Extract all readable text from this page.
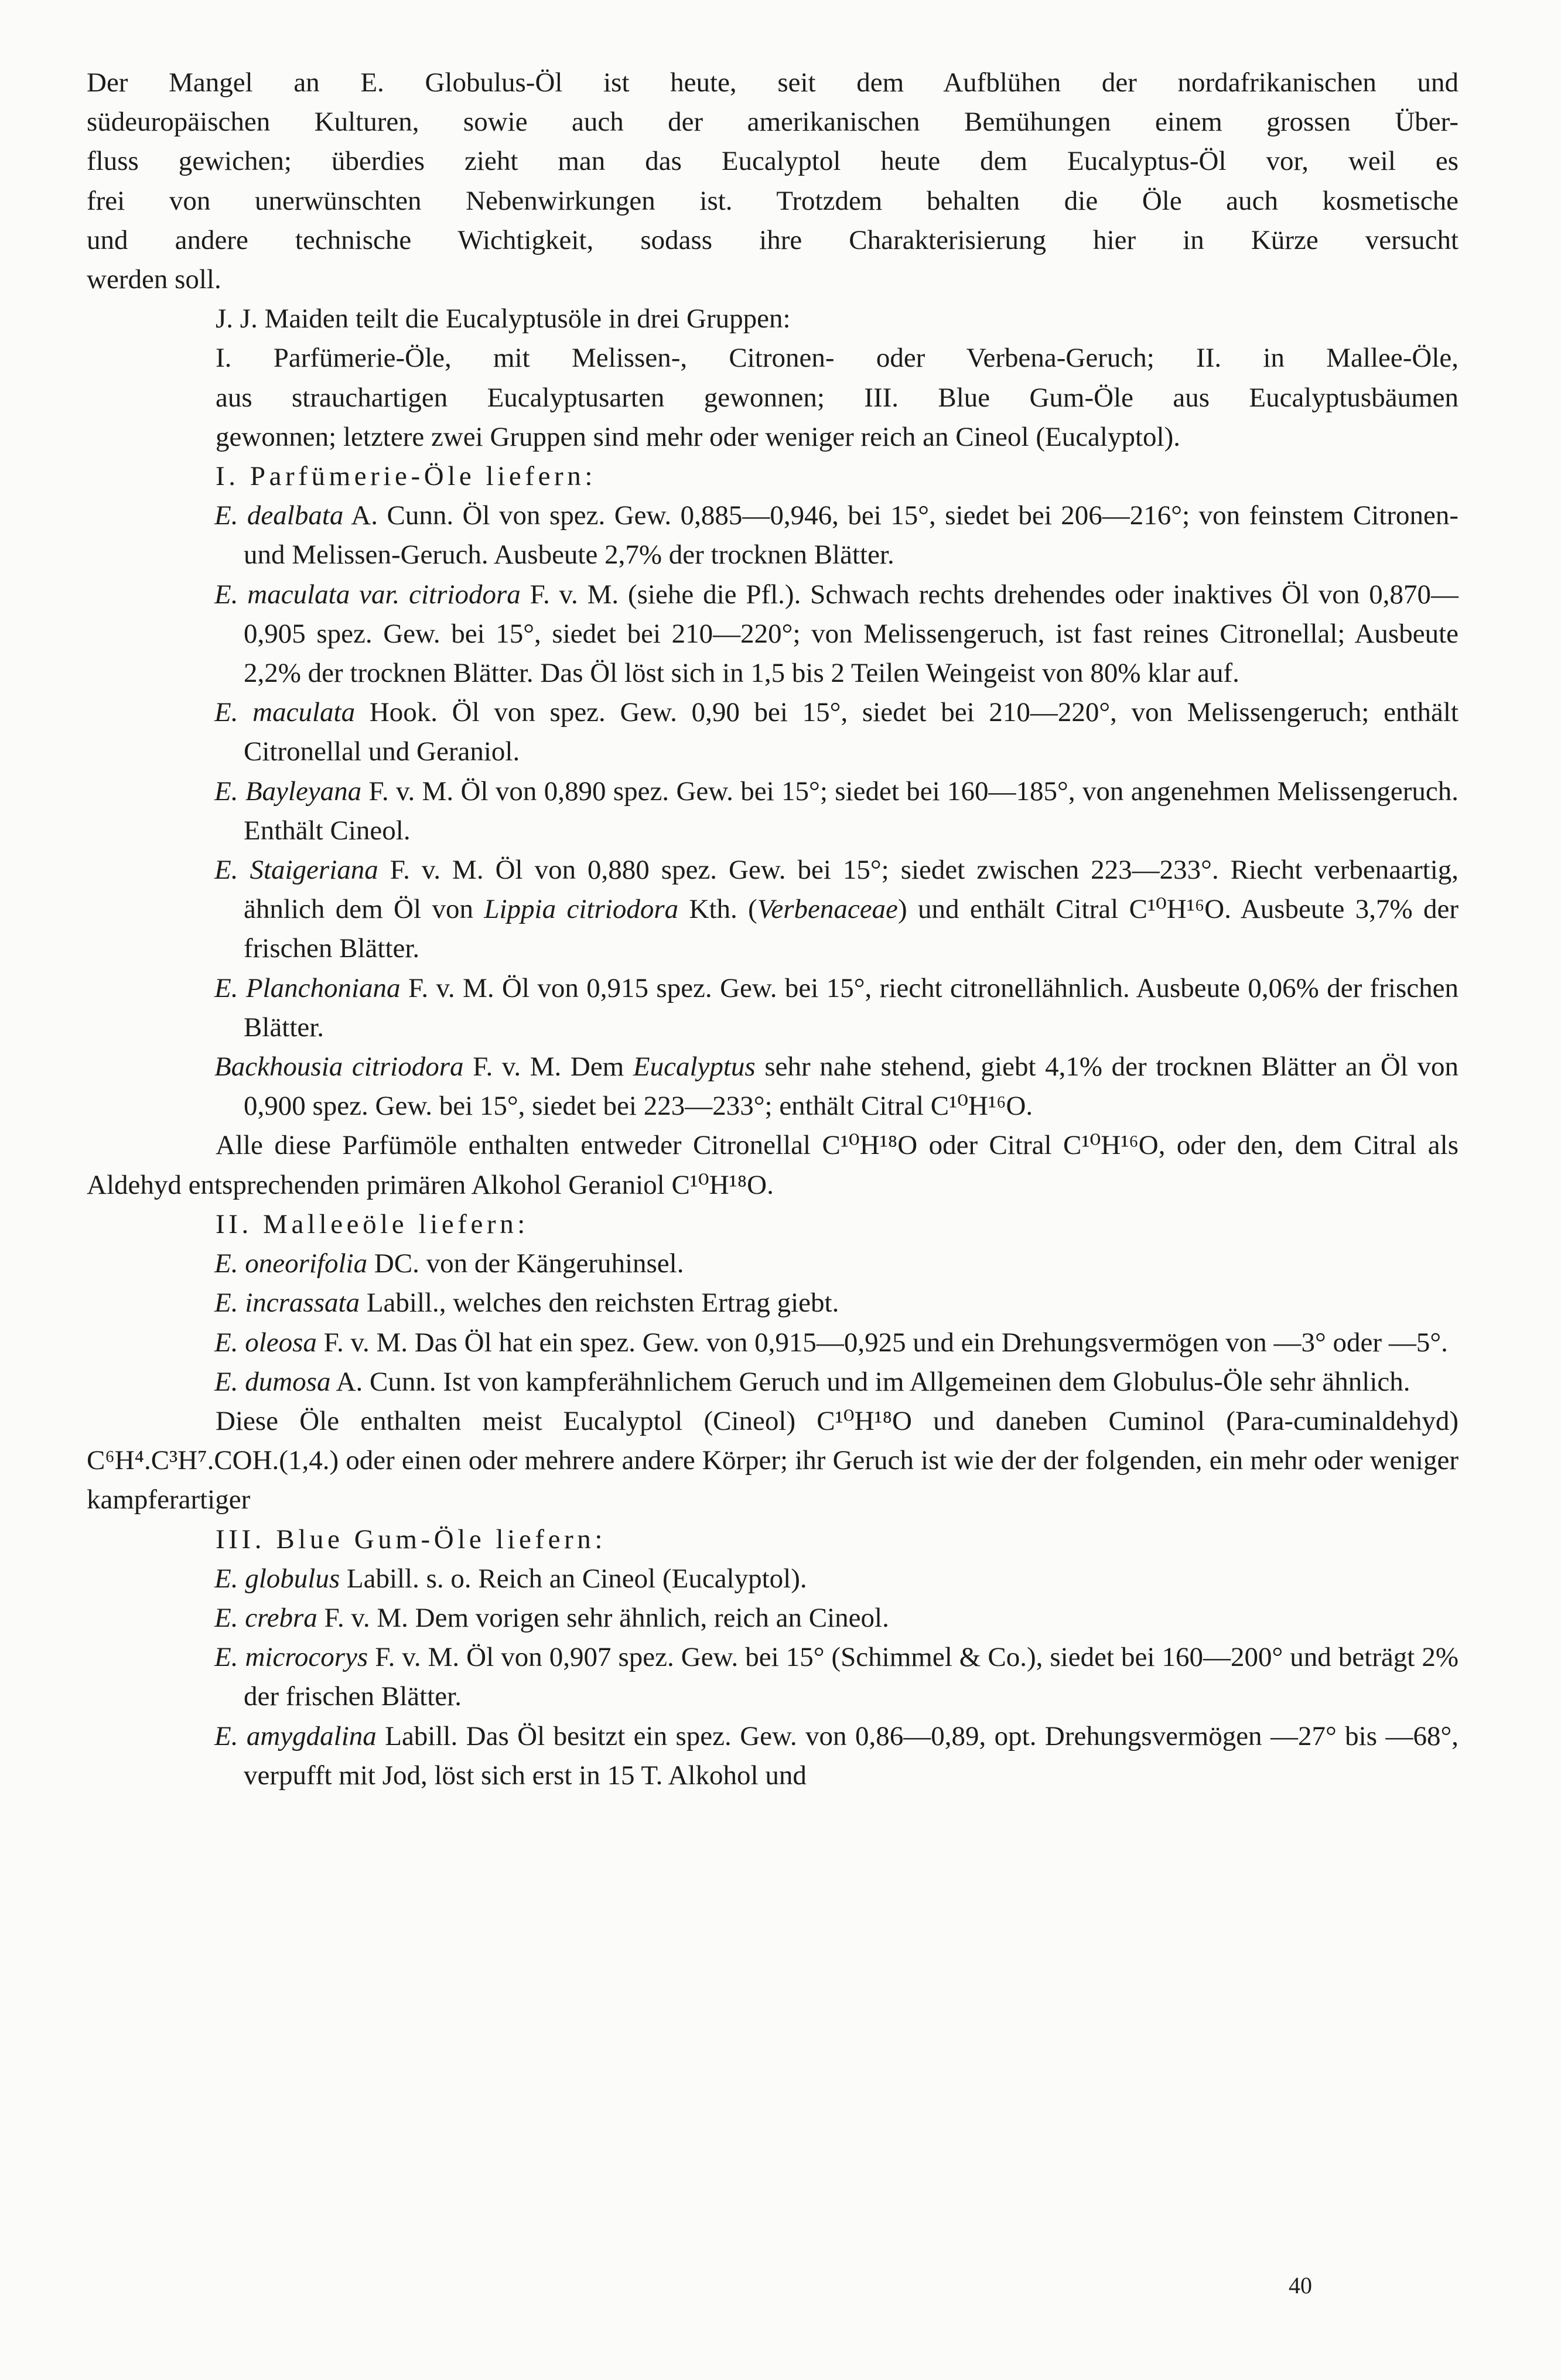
Der Mangel an E. Globulus-Öl ist heute, seit dem Aufblühen der nordafrikanischen und
südeuropäischen Kulturen, sowie auch der amerikanischen Bemühungen einem grossen Über-
fluss gewichen; überdies zieht man das Eucalyptol heute dem Eucalyptus-Öl vor, weil es
frei von unerwünschten Nebenwirkungen ist. Trotzdem behalten die Öle auch kosmetische
und andere technische Wichtigkeit, sodass ihre Charakterisierung hier in Kürze versucht
werden soll.

J. J. Maiden teilt die Eucalyptusöle in drei Gruppen:

I. Parfümerie-Öle, mit Melissen-, Citronen- oder Verbena-Geruch; II. in Mallee-Öle,
aus strauchartigen Eucalyptusarten gewonnen; III. Blue Gum-Öle aus Eucalyptusbäumen
gewonnen; letztere zwei Gruppen sind mehr oder weniger reich an Cineol (Eucalyptol).

I. Parfümerie-Öle liefern:

E. dealbata A. Cunn. Öl von spez. Gew. 0,885—0,946, bei 15°, siedet bei 206—216°; von feinstem Citronen- und Melissen-Geruch. Ausbeute 2,7% der trocknen Blätter.

E. maculata var. citriodora F. v. M. (siehe die Pfl.). Schwach rechts drehendes oder inaktives Öl von 0,870—0,905 spez. Gew. bei 15°, siedet bei 210—220°; von Melissengeruch, ist fast reines Citronellal; Ausbeute 2,2% der trocknen Blätter. Das Öl löst sich in 1,5 bis 2 Teilen Weingeist von 80% klar auf.

E. maculata Hook. Öl von spez. Gew. 0,90 bei 15°, siedet bei 210—220°, von Melissengeruch; enthält Citronellal und Geraniol.

E. Bayleyana F. v. M. Öl von 0,890 spez. Gew. bei 15°; siedet bei 160—185°, von angenehmen Melissengeruch. Enthält Cineol.

E. Staigeriana F. v. M. Öl von 0,880 spez. Gew. bei 15°; siedet zwischen 223—233°. Riecht verbenaartig, ähnlich dem Öl von Lippia citriodora Kth. (Verbenaceae) und enthält Citral C¹⁰H¹⁶O. Ausbeute 3,7% der frischen Blätter.

E. Planchoniana F. v. M. Öl von 0,915 spez. Gew. bei 15°, riecht citronellähnlich. Ausbeute 0,06% der frischen Blätter.

Backhousia citriodora F. v. M. Dem Eucalyptus sehr nahe stehend, giebt 4,1% der trocknen Blätter an Öl von 0,900 spez. Gew. bei 15°, siedet bei 223—233°; enthält Citral C¹⁰H¹⁶O.

Alle diese Parfümöle enthalten entweder Citronellal C¹⁰H¹⁸O oder Citral C¹⁰H¹⁶O, oder den, dem Citral als Aldehyd entsprechenden primären Alkohol Geraniol C¹⁰H¹⁸O.

II. Malleeöle liefern:

E. oneorifolia DC. von der Kängeruhinsel.

E. incrassata Labill., welches den reichsten Ertrag giebt.

E. oleosa F. v. M. Das Öl hat ein spez. Gew. von 0,915—0,925 und ein Drehungsvermögen von —3° oder —5°.

E. dumosa A. Cunn. Ist von kampferähnlichem Geruch und im Allgemeinen dem Globulus-Öle sehr ähnlich.

Diese Öle enthalten meist Eucalyptol (Cineol) C¹⁰H¹⁸O und daneben Cuminol (Para-cuminaldehyd) C⁶H⁴.C³H⁷.COH.(1,4.) oder einen oder mehrere andere Körper; ihr Geruch ist wie der der folgenden, ein mehr oder weniger kampferartiger

III. Blue Gum-Öle liefern:

E. globulus Labill. s. o. Reich an Cineol (Eucalyptol).

E. crebra F. v. M. Dem vorigen sehr ähnlich, reich an Cineol.

E. microcorys F. v. M. Öl von 0,907 spez. Gew. bei 15° (Schimmel & Co.), siedet bei 160—200° und beträgt 2% der frischen Blätter.

E. amygdalina Labill. Das Öl besitzt ein spez. Gew. von 0,86—0,89, opt. Drehungsvermögen —27° bis —68°, verpufft mit Jod, löst sich erst in 15 T. Alkohol und

40
